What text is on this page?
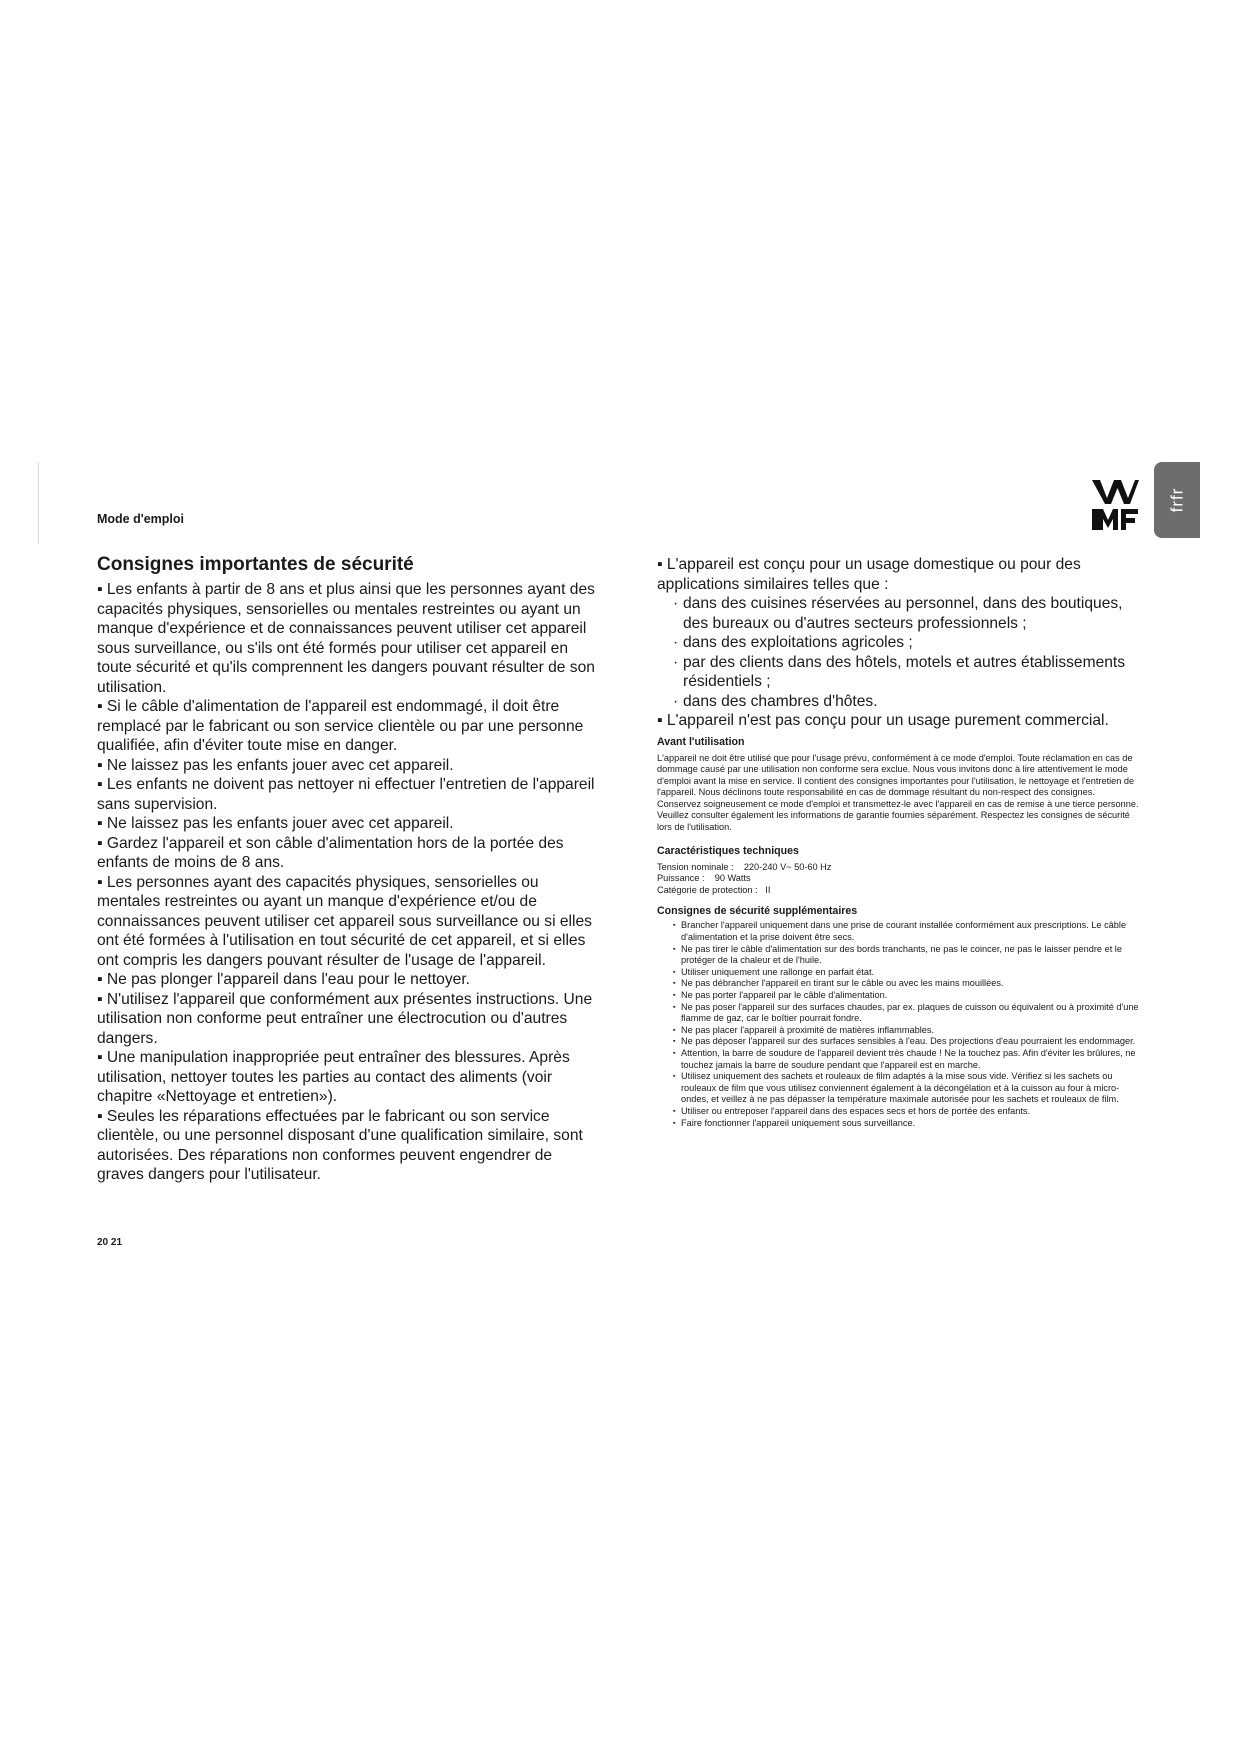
Mode d'emploi
frfr
Consignes importantes de sécurité

▪ Les enfants à partir de 8 ans et plus ainsi que les personnes ayant des capacités physiques, sensorielles ou mentales restreintes ou ayant un manque d'expérience et de connaissances peuvent utiliser cet appareil sous surveillance, ou s'ils ont été formés pour utiliser cet appareil en toute sécurité et qu'ils comprennent les dangers pouvant résulter de son utilisation.

▪ Si le câble d'alimentation de l'appareil est endommagé, il doit être remplacé par le fabricant ou son service clientèle ou par une personne qualifiée, afin d'éviter toute mise en danger.

▪ Ne laissez pas les enfants jouer avec cet appareil.

▪ Les enfants ne doivent pas nettoyer ni effectuer l'entretien de l'appareil sans supervision.

▪ Ne laissez pas les enfants jouer avec cet appareil.

▪ Gardez l'appareil et son câble d'alimentation hors de la portée des enfants de moins de 8 ans.

▪ Les personnes ayant des capacités physiques, sensorielles ou mentales restreintes ou ayant un manque d'expérience et/ou de connaissances peuvent utiliser cet appareil sous surveillance ou si elles ont été formées à l'utilisation en tout sécurité de cet appareil, et si elles ont compris les dangers pouvant résulter de l'usage de l'appareil.

▪ Ne pas plonger l'appareil dans l'eau pour le nettoyer.

▪ N'utilisez l'appareil que conformément aux présentes instructions. Une utilisation non conforme peut entraîner une électrocution ou d'autres dangers.

▪ Une manipulation inappropriée peut entraîner des blessures. Après utilisation, nettoyer toutes les parties au contact des aliments (voir chapitre «Nettoyage et entretien»).

▪ Seules les réparations effectuées par le fabricant ou son service clientèle, ou une personnel disposant d'une qualification similaire, sont autorisées. Des réparations non conformes peuvent engendrer de graves dangers pour l'utilisateur.

▪ L'appareil est conçu pour un usage domestique ou pour des applications similaires telles que :

· dans des cuisines réservées au personnel, dans des boutiques, des bureaux ou d'autres secteurs professionnels ;
· dans des exploitations agricoles ;
· par des clients dans des hôtels, motels et autres établissements résidentiels ;
· dans des chambres d'hôtes.

▪ L'appareil n'est pas conçu pour un usage purement commercial.

Avant l'utilisation

L'appareil ne doit être utilisé que pour l'usage prévu, conformément à ce mode d'emploi. Toute réclamation en cas de dommage causé par une utilisation non conforme sera exclue. Nous vous invitons donc à lire attentivement le mode d'emploi avant la mise en service. Il contient des consignes importantes pour l'utilisation, le nettoyage et l'entretien de l'appareil. Nous déclinons toute responsabilité en cas de dommage résultant du non-respect des consignes.

Conservez soigneusement ce mode d'emploi et transmettez-le avec l'appareil en cas de remise à une tierce personne. Veuillez consulter également les informations de garantie fournies séparément. Respectez les consignes de sécurité lors de l'utilisation.

Caractéristiques techniques
Tension nominale :    220-240 V~ 50-60 Hz
Puissance :    90 Watts
Catégorie de protection :   II
Consignes de sécurité supplémentaires
▪ Brancher l'appareil uniquement dans une prise de courant installée conformément aux prescriptions. Le câble d'alimentation et la prise doivent être secs.
▪ Ne pas tirer le câble d'alimentation sur des bords tranchants, ne pas le coincer, ne pas le laisser pendre et le protéger de la chaleur et de l'huile.
▪ Utiliser uniquement une rallonge en parfait état.
▪ Ne pas débrancher l'appareil en tirant sur le câble ou avec les mains mouillées.
▪ Ne pas porter l'appareil par le câble d'alimentation.
▪ Ne pas poser l'appareil sur des surfaces chaudes, par ex. plaques de cuisson ou équivalent ou à proximité d'une flamme de gaz, car le boîtier pourrait fondre.
▪ Ne pas placer l'appareil à proximité de matières inflammables.
▪ Ne pas déposer l'appareil sur des surfaces sensibles à l'eau. Des projections d'eau pourraient les endommager.
▪ Attention, la barre de soudure de l'appareil devient très chaude ! Ne la touchez pas. Afin d'éviter les brûlures, ne touchez jamais la barre de soudure pendant que l'appareil est en marche.
▪ Utilisez uniquement des sachets et rouleaux de film adaptés à la mise sous vide. Vérifiez si les sachets ou rouleaux de film que vous utilisez conviennent également à la décongélation et à la cuisson au four à micro-ondes, et veillez à ne pas dépasser la température maximale autorisée pour les sachets et rouleaux de film.
▪ Utiliser ou entreposer l'appareil dans des espaces secs et hors de portée des enfants.
▪ Faire fonctionner l'appareil uniquement sous surveillance.
20 21
